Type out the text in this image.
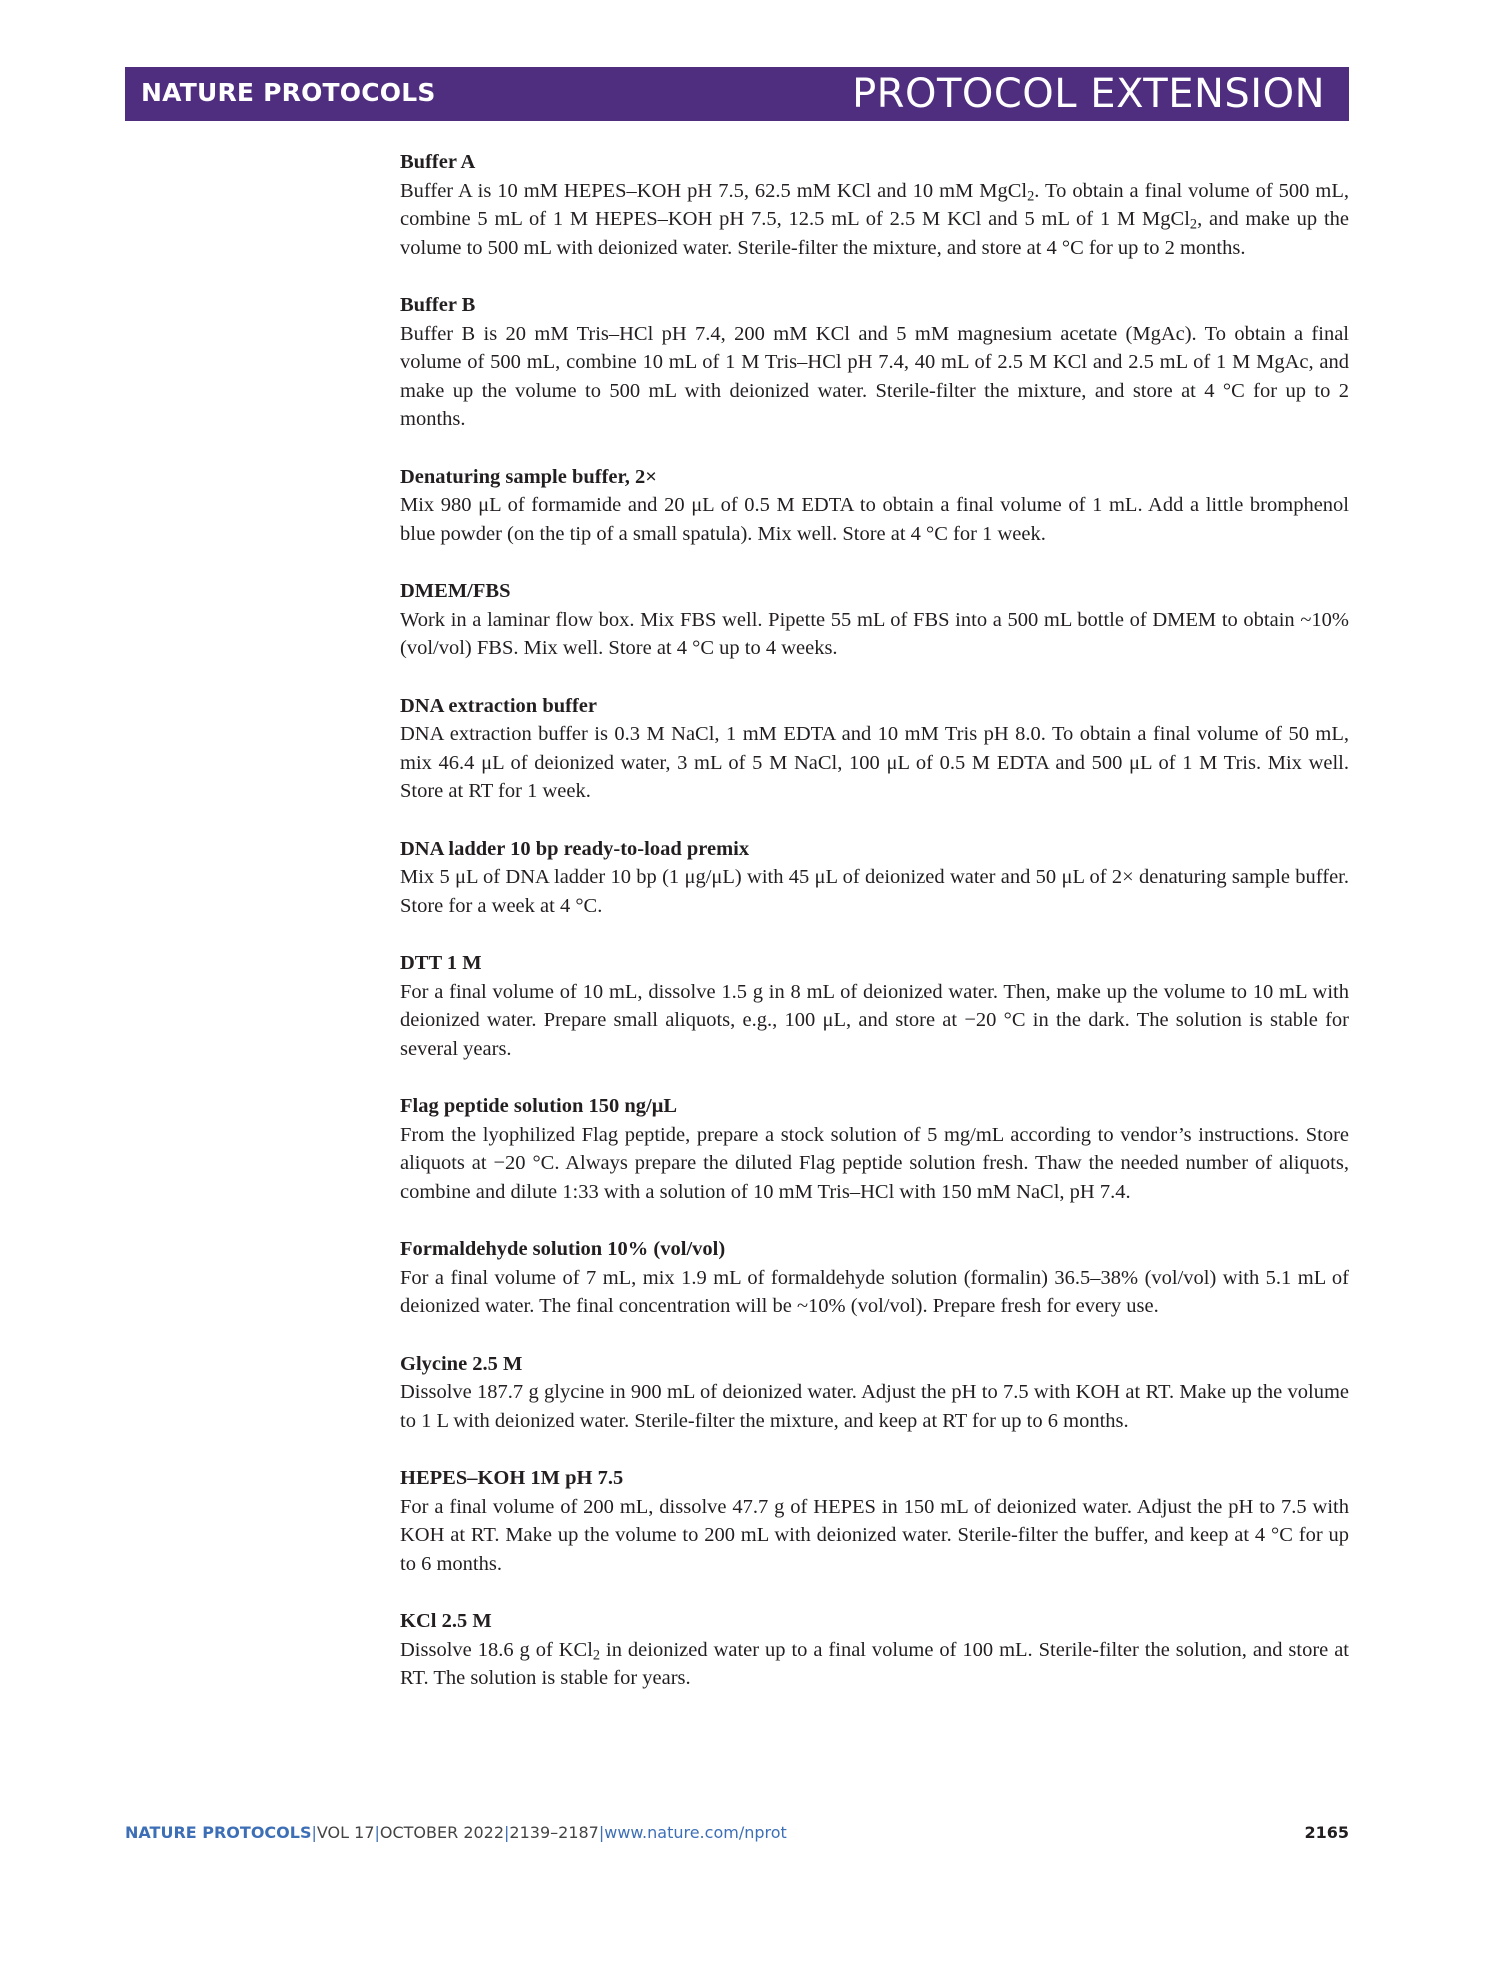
NATURE PROTOCOLS	PROTOCOL EXTENSION

Buffer A

Buffer A is 10 mM HEPES–KOH pH 7.5, 62.5 mM KCl and 10 mM MgCl$_2$. To obtain a final volume of 500 mL, combine 5 mL of 1 M HEPES–KOH pH 7.5, 12.5 mL of 2.5 M KCl and 5 mL of 1 M MgCl$_2$, and make up the volume to 500 mL with deionized water. Sterile-filter the mixture, and store at 4 °C for up to 2 months.

Buffer B

Buffer B is 20 mM Tris–HCl pH 7.4, 200 mM KCl and 5 mM magnesium acetate (MgAc). To obtain a final volume of 500 mL, combine 10 mL of 1 M Tris–HCl pH 7.4, 40 mL of 2.5 M KCl and 2.5 mL of 1 M MgAc, and make up the volume to 500 mL with deionized water. Sterile-filter the mixture, and store at 4 °C for up to 2 months.

Denaturing sample buffer, 2×

Mix 980 μL of formamide and 20 μL of 0.5 M EDTA to obtain a final volume of 1 mL. Add a little bromphenol blue powder (on the tip of a small spatula). Mix well. Store at 4 °C for 1 week.

DMEM/FBS

Work in a laminar flow box. Mix FBS well. Pipette 55 mL of FBS into a 500 mL bottle of DMEM to obtain ~10% (vol/vol) FBS. Mix well. Store at 4 °C up to 4 weeks.

DNA extraction buffer

DNA extraction buffer is 0.3 M NaCl, 1 mM EDTA and 10 mM Tris pH 8.0. To obtain a final volume of 50 mL, mix 46.4 μL of deionized water, 3 mL of 5 M NaCl, 100 μL of 0.5 M EDTA and 500 μL of 1 M Tris. Mix well. Store at RT for 1 week.

DNA ladder 10 bp ready-to-load premix

Mix 5 μL of DNA ladder 10 bp (1 μg/μL) with 45 μL of deionized water and 50 μL of 2× denaturing sample buffer. Store for a week at 4 °C.

DTT 1 M

For a final volume of 10 mL, dissolve 1.5 g in 8 mL of deionized water. Then, make up the volume to 10 mL with deionized water. Prepare small aliquots, e.g., 100 μL, and store at −20 °C in the dark. The solution is stable for several years.

Flag peptide solution 150 ng/μL

From the lyophilized Flag peptide, prepare a stock solution of 5 mg/mL according to vendor’s instructions. Store aliquots at −20 °C. Always prepare the diluted Flag peptide solution fresh. Thaw the needed number of aliquots, combine and dilute 1:33 with a solution of 10 mM Tris–HCl with 150 mM NaCl, pH 7.4.

Formaldehyde solution 10% (vol/vol)

For a final volume of 7 mL, mix 1.9 mL of formaldehyde solution (formalin) 36.5–38% (vol/vol) with 5.1 mL of deionized water. The final concentration will be ~10% (vol/vol). Prepare fresh for every use.

Glycine 2.5 M

Dissolve 187.7 g glycine in 900 mL of deionized water. Adjust the pH to 7.5 with KOH at RT. Make up the volume to 1 L with deionized water. Sterile-filter the mixture, and keep at RT for up to 6 months.

HEPES–KOH 1M pH 7.5

For a final volume of 200 mL, dissolve 47.7 g of HEPES in 150 mL of deionized water. Adjust the pH to 7.5 with KOH at RT. Make up the volume to 200 mL with deionized water. Sterile-filter the buffer, and keep at 4 °C for up to 6 months.

KCl 2.5 M

Dissolve 18.6 g of KCl$_2$ in deionized water up to a final volume of 100 mL. Sterile-filter the solution, and store at RT. The solution is stable for years.

NATURE PROTOCOLS|VOL 17|OCTOBER 2022|2139–2187|www.nature.com/nprot	2165
